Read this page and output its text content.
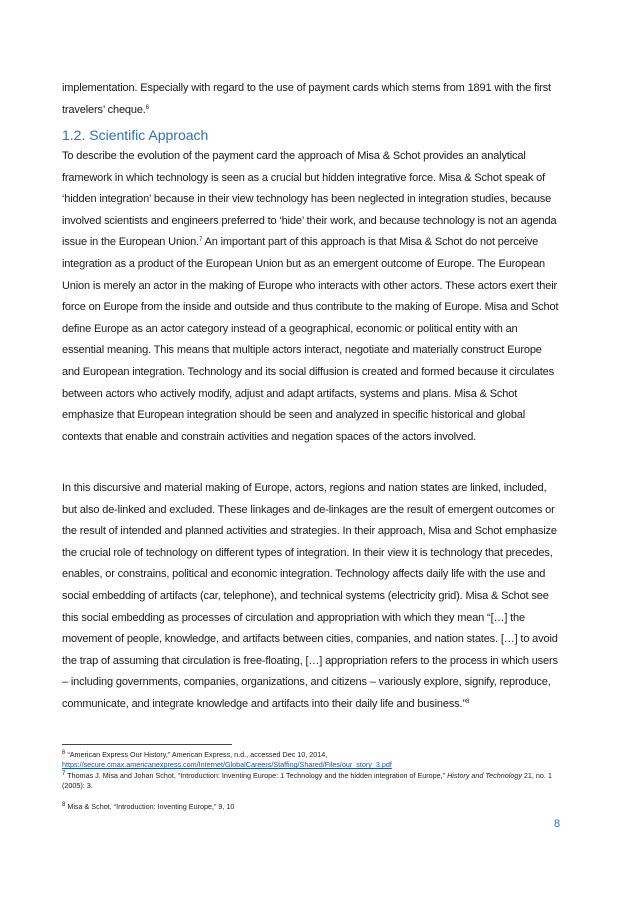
implementation. Especially with regard to the use of payment cards which stems from 1891 with the first travelers’ cheque.$^6$

1.2. Scientific Approach

To describe the evolution of the payment card the approach of Misa & Schot provides an analytical framework in which technology is seen as a crucial but hidden integrative force. Misa & Schot speak of ‘hidden integration’ because in their view technology has been neglected in integration studies, because involved scientists and engineers preferred to ‘hide’ their work, and because technology is not an agenda issue in the European Union.$^7$ An important part of this approach is that Misa & Schot do not perceive integration as a product of the European Union but as an emergent outcome of Europe. The European Union is merely an actor in the making of Europe who interacts with other actors. These actors exert their force on Europe from the inside and outside and thus contribute to the making of Europe. Misa and Schot define Europe as an actor category instead of a geographical, economic or political entity with an essential meaning. This means that multiple actors interact, negotiate and materially construct Europe and European integration. Technology and its social diffusion is created and formed because it circulates between actors who actively modify, adjust and adapt artifacts, systems and plans. Misa & Schot emphasize that European integration should be seen and analyzed in specific historical and global contexts that enable and constrain activities and negation spaces of the actors involved.

In this discursive and material making of Europe, actors, regions and nation states are linked, included, but also de-linked and excluded. These linkages and de-linkages are the result of emergent outcomes or the result of intended and planned activities and strategies. In their approach, Misa and Schot emphasize the crucial role of technology on different types of integration. In their view it is technology that precedes, enables, or constrains, political and economic integration. Technology affects daily life with the use and social embedding of artifacts (car, telephone), and technical systems (electricity grid). Misa & Schot see this social embedding as processes of circulation and appropriation with which they mean “[…] the movement of people, knowledge, and artifacts between cities, companies, and nation states. […] to avoid the trap of assuming that circulation is free-floating, […] appropriation refers to the process in which users – including governments, companies, organizations, and citizens – variously explore, signify, reproduce, communicate, and integrate knowledge and artifacts into their daily life and business.”$^8$

$^6$ “American Express Our History,” American Express, n.d., accessed Dec 10, 2014,
https://secure.cmax.americanexpress.com/Internet/GlobalCareers/Staffing/Shared/Files/our_story_3.pdf

$^7$ Thomas J. Misa and Johan Schot, “Introduction: Inventing Europe: 1 Technology and the hidden integration of Europe,” History and Technology 21, no. 1 (2005): 3.

$^8$ Misa & Schot, “Introduction: Inventing Europe,” 9, 10

8
